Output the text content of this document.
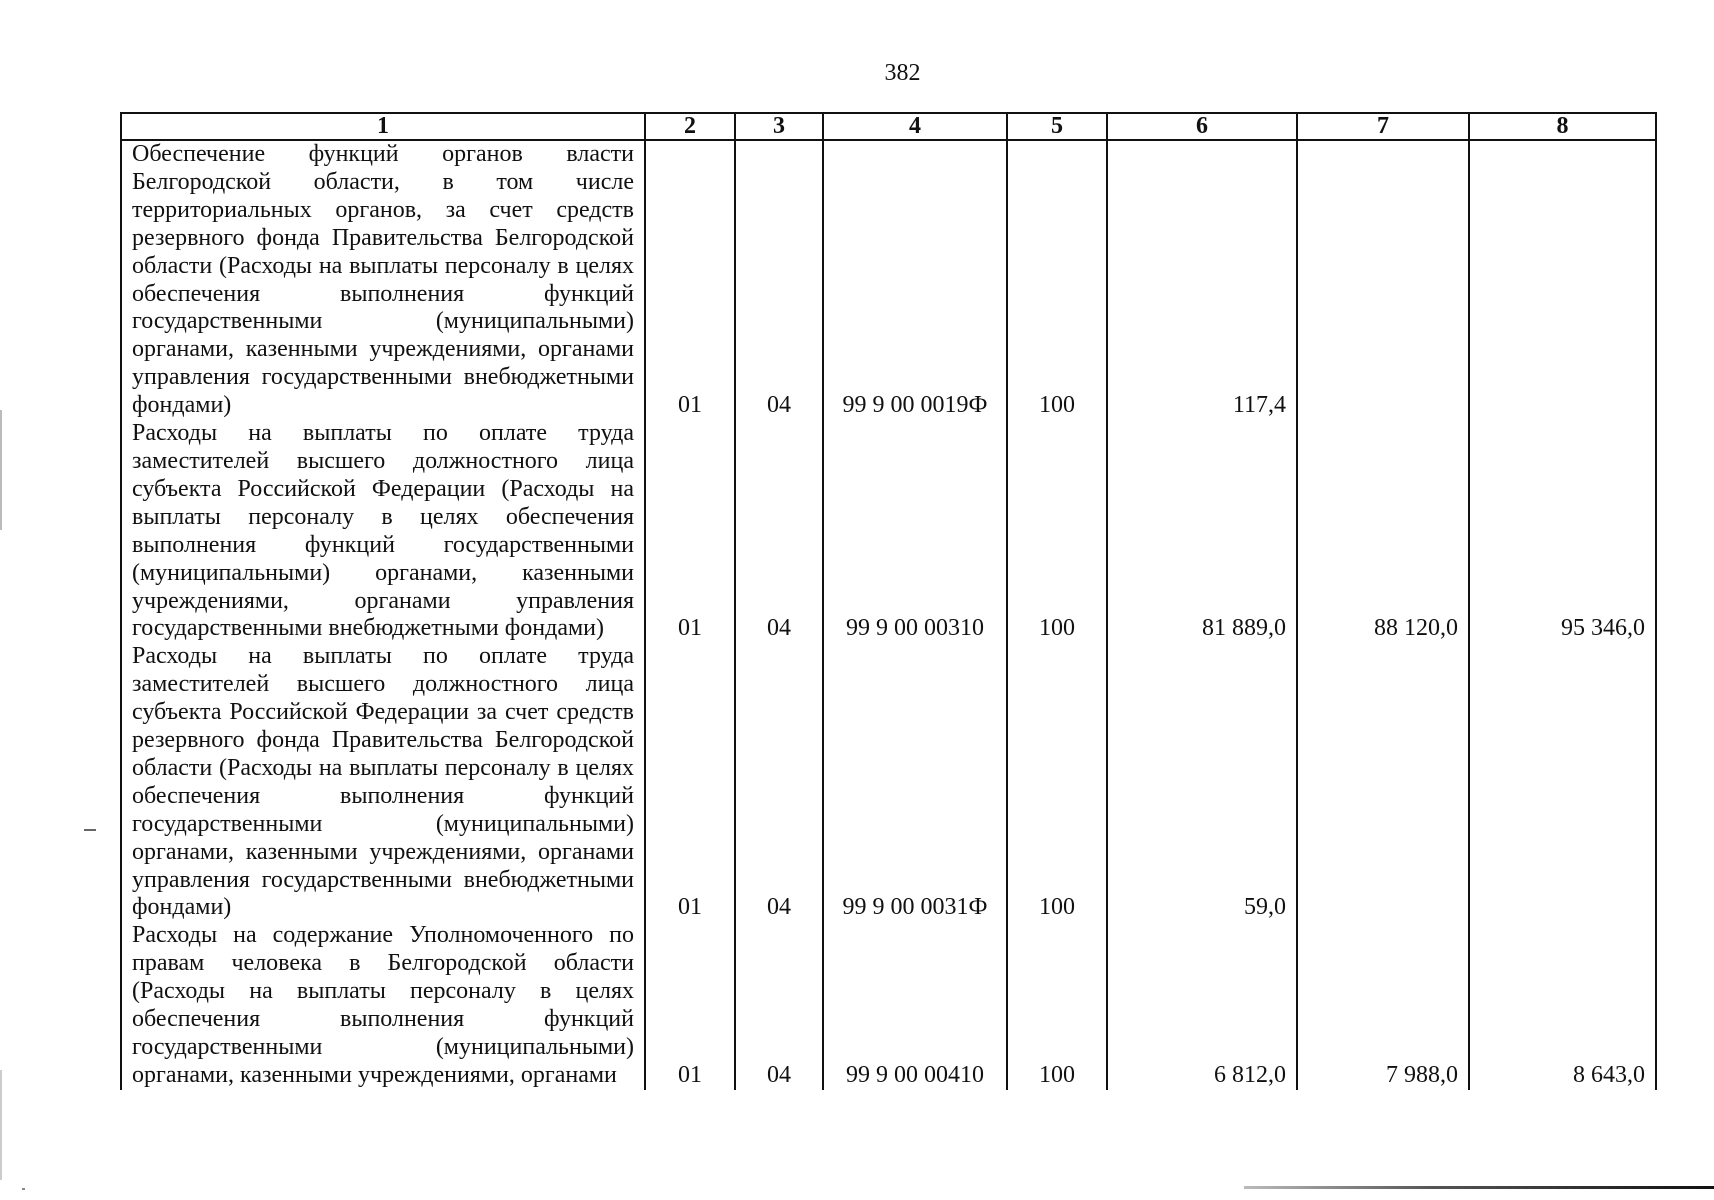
382
1	2	3	4	5	6	7	8
Обеспечение функций органов власти Белгородской области, в том числе территориальных органов, за счет средств резервного фонда Правительства Белгородской области (Расходы на выплаты персоналу в целях обеспечения выполнения функций государственными (муниципальными) органами, казенными учреждениями, органами управления государственными внебюджетными фондами)	01	04	99 9 00 0019Ф	100	117,4		
Расходы на выплаты по оплате труда заместителей высшего должностного лица субъекта Российской Федерации (Расходы на выплаты персоналу в целях обеспечения выполнения функций государственными (муниципальными) органами, казенными учреждениями, органами управления государственными внебюджетными фондами)	01	04	99 9 00 00310	100	81 889,0	88 120,0	95 346,0
Расходы на выплаты по оплате труда заместителей высшего должностного лица субъекта Российской Федерации за счет средств резервного фонда Правительства Белгородской области (Расходы на выплаты персоналу в целях обеспечения выполнения функций государственными (муниципальными) органами, казенными учреждениями, органами управления государственными внебюджетными фондами)	01	04	99 9 00 0031Ф	100	59,0		
Расходы на содержание Уполномоченного по правам человека в Белгородской области (Расходы на выплаты персоналу в целях обеспечения выполнения функций государственными (муниципальными) органами, казенными учреждениями, органами	01	04	99 9 00 00410	100	6 812,0	7 988,0	8 643,0
